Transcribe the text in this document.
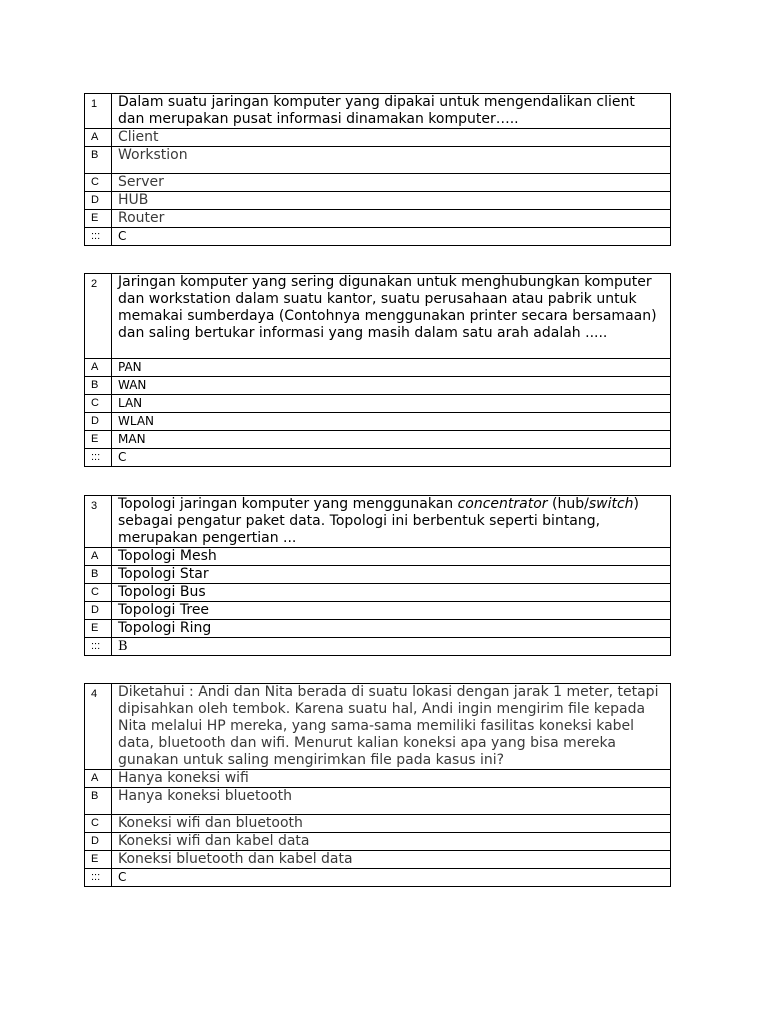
1	Dalam suatu jaringan komputer yang dipakai untuk mengendalikan client dan merupakan pusat informasi dinamakan komputer…..
A	Client
B	Workstion
C	Server
D	HUB
E	Router
:::	C
2	Jaringan komputer yang sering digunakan untuk menghubungkan komputer dan workstation dalam suatu kantor, suatu perusahaan atau pabrik untuk memakai sumberdaya (Contohnya menggunakan printer secara bersamaan) dan saling bertukar informasi yang masih dalam satu arah adalah .....
A	PAN
B	WAN
C	LAN
D	WLAN
E	MAN
:::	C
3	Topologi jaringan komputer yang menggunakan concentrator (hub/switch) sebagai pengatur paket data. Topologi ini berbentuk seperti bintang, merupakan pengertian ...
A	Topologi Mesh
B	Topologi Star
C	Topologi Bus
D	Topologi Tree
E	Topologi Ring
:::	B
4	Diketahui : Andi dan Nita berada di suatu lokasi dengan jarak 1 meter, tetapi dipisahkan oleh tembok. Karena suatu hal, Andi ingin mengirim file kepada Nita melalui HP mereka, yang sama-sama memiliki fasilitas koneksi kabel data, bluetooth dan wifi. Menurut kalian koneksi apa yang bisa mereka gunakan untuk saling mengirimkan file pada kasus ini?
A	Hanya koneksi wifi
B	Hanya koneksi bluetooth
C	Koneksi wifi dan bluetooth
D	Koneksi wifi dan kabel data
E	Koneksi bluetooth dan kabel data
:::	C
